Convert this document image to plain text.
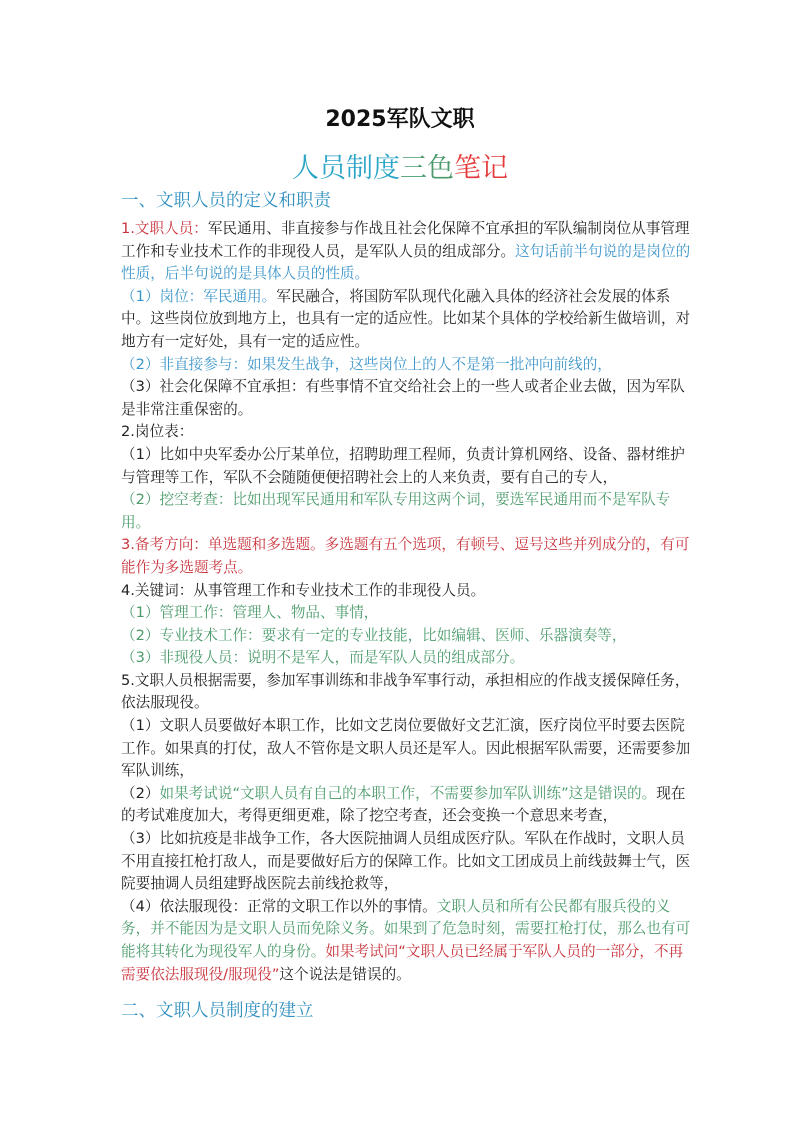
2025军队文职
人员制度三色笔记
一、文职人员的定义和职责

1.文职人员：军民通用、非直接参与作战且社会化保障不宜承担的军队编制岗位从事管理工作和专业技术工作的非现役人员，是军队人员的组成部分。这句话前半句说的是岗位的性质，后半句说的是具体人员的性质。

（1）岗位：军民通用。军民融合，将国防军队现代化融入具体的经济社会发展的体系中。这些岗位放到地方上，也具有一定的适应性。比如某个具体的学校给新生做培训，对地方有一定好处，具有一定的适应性。

（2）非直接参与：如果发生战争，这些岗位上的人不是第一批冲向前线的，

（3）社会化保障不宜承担：有些事情不宜交给社会上的一些人或者企业去做，因为军队是非常注重保密的。

2.岗位表：

（1）比如中央军委办公厅某单位，招聘助理工程师，负责计算机网络、设备、器材维护与管理等工作，军队不会随随便便招聘社会上的人来负责，要有自己的专人，

（2）挖空考查：比如出现军民通用和军队专用这两个词，要选军民通用而不是军队专用。

3.备考方向：单选题和多选题。多选题有五个选项，有顿号、逗号这些并列成分的，有可能作为多选题考点。

4.关键词：从事管理工作和专业技术工作的非现役人员。

（1）管理工作：管理人、物品、事情，

（2）专业技术工作：要求有一定的专业技能，比如编辑、医师、乐器演奏等，

（3）非现役人员：说明不是军人，而是军队人员的组成部分。

5.文职人员根据需要，参加军事训练和非战争军事行动，承担相应的作战支援保障任务，依法服现役。

（1）文职人员要做好本职工作，比如文艺岗位要做好文艺汇演，医疗岗位平时要去医院工作。如果真的打仗，敌人不管你是文职人员还是军人。因此根据军队需要，还需要参加军队训练，

（2）如果考试说“文职人员有自己的本职工作，不需要参加军队训练”这是错误的。现在的考试难度加大，考得更细更难，除了挖空考查，还会变换一个意思来考查，

（3）比如抗疫是非战争工作，各大医院抽调人员组成医疗队。军队在作战时，文职人员不用直接扛枪打敌人，而是要做好后方的保障工作。比如文工团成员上前线鼓舞士气，医院要抽调人员组建野战医院去前线抢救等，

（4）依法服现役：正常的文职工作以外的事情。文职人员和所有公民都有服兵役的义务，并不能因为是文职人员而免除义务。如果到了危急时刻，需要扛枪打仗，那么也有可能将其转化为现役军人的身份。如果考试问“文职人员已经属于军队人员的一部分，不再需要依法服现役/服现役”这个说法是错误的。

二、文职人员制度的建立
